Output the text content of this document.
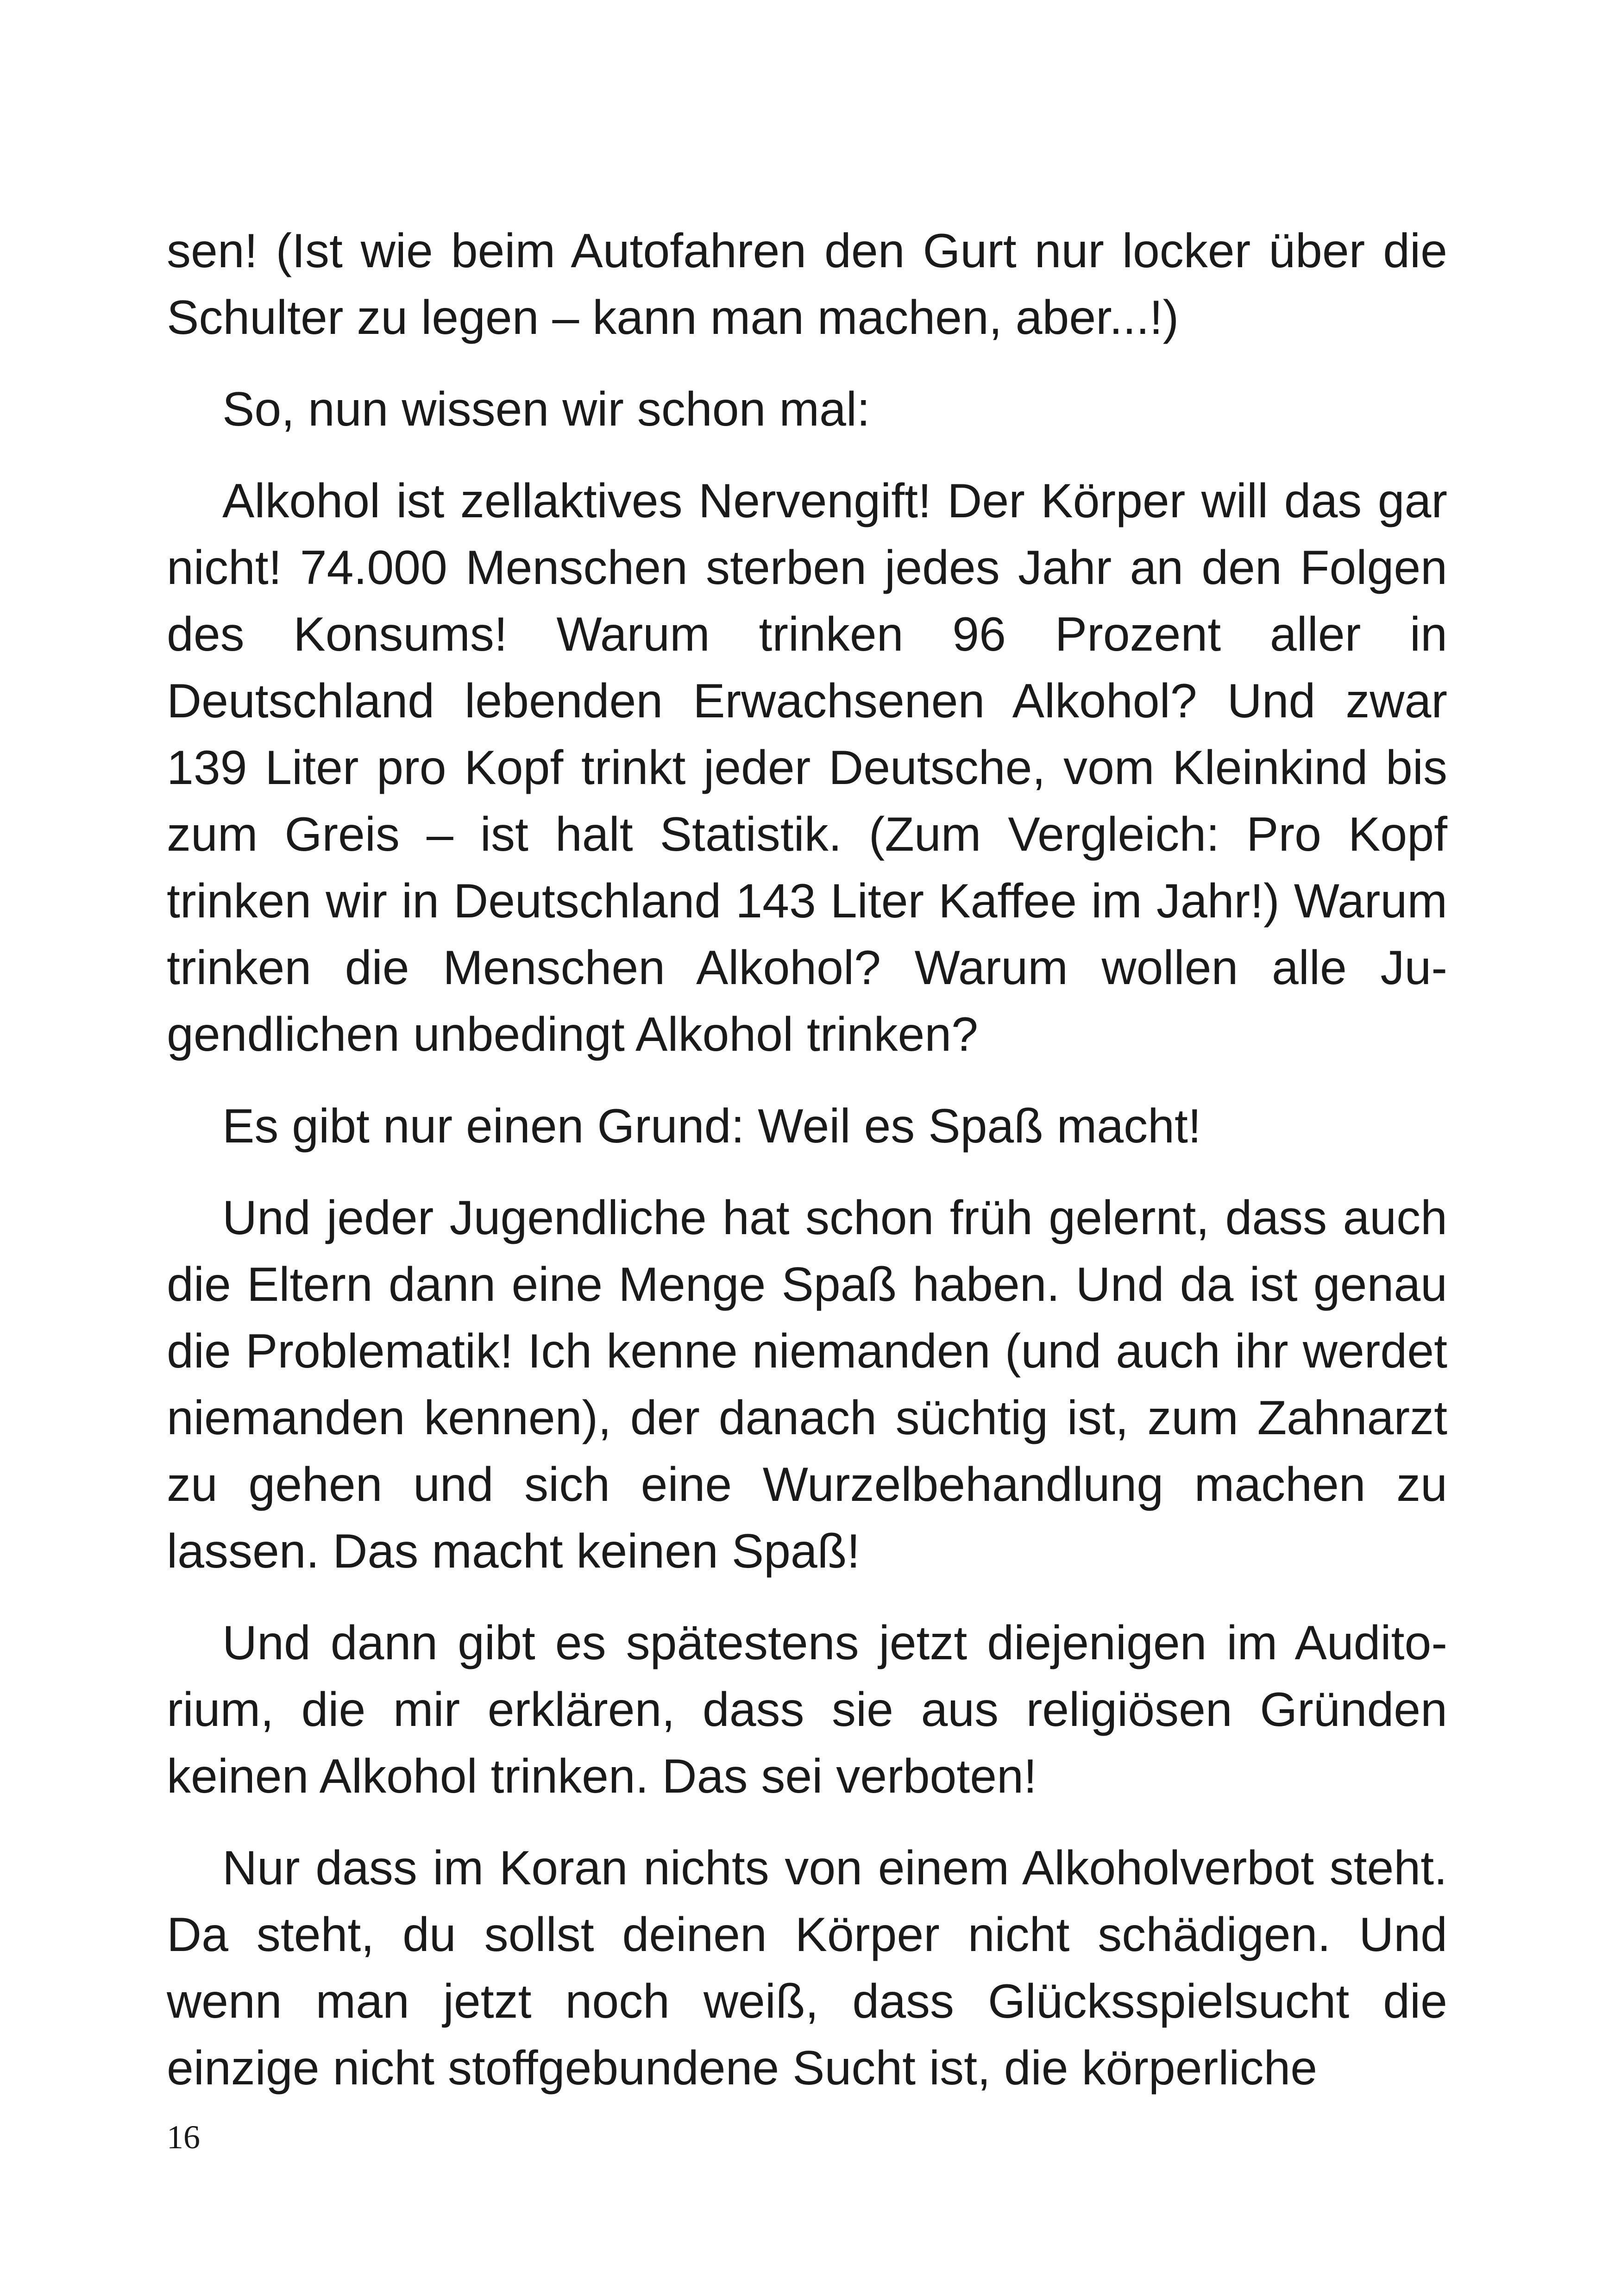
sen! (Ist wie beim Autofahren den Gurt nur locker über die Schulter zu legen – kann man machen, aber...!)

So, nun wissen wir schon mal:

Alkohol ist zellaktives Nervengift! Der Körper will das gar nicht! 74.000 Menschen sterben jedes Jahr an den Folgen des Konsums! Warum trinken 96 Prozent aller in Deutschland lebenden Erwachsenen Alkohol? Und zwar 139 Liter pro Kopf trinkt jeder Deutsche, vom Kleinkind bis zum Greis – ist halt Statistik. (Zum Vergleich: Pro Kopf trinken wir in Deutschland 143 Liter Kaffee im Jahr!) Warum trinken die Menschen Alkohol? Warum wollen alle Jugendlichen unbedingt Alkohol trinken?

Es gibt nur einen Grund: Weil es Spaß macht!

Und jeder Jugendliche hat schon früh gelernt, dass auch die Eltern dann eine Menge Spaß haben. Und da ist genau die Problematik! Ich kenne niemanden (und auch ihr werdet niemanden kennen), der danach süchtig ist, zum Zahnarzt zu gehen und sich eine Wurzelbehandlung machen zu lassen. Das macht keinen Spaß!

Und dann gibt es spätestens jetzt diejenigen im Auditorium, die mir erklären, dass sie aus religiösen Gründen keinen Alkohol trinken. Das sei verboten!

Nur dass im Koran nichts von einem Alkoholverbot steht. Da steht, du sollst deinen Körper nicht schädigen. Und wenn man jetzt noch weiß, dass Glücksspielsucht die einzige nicht stoffgebundene Sucht ist, die körperliche

16
